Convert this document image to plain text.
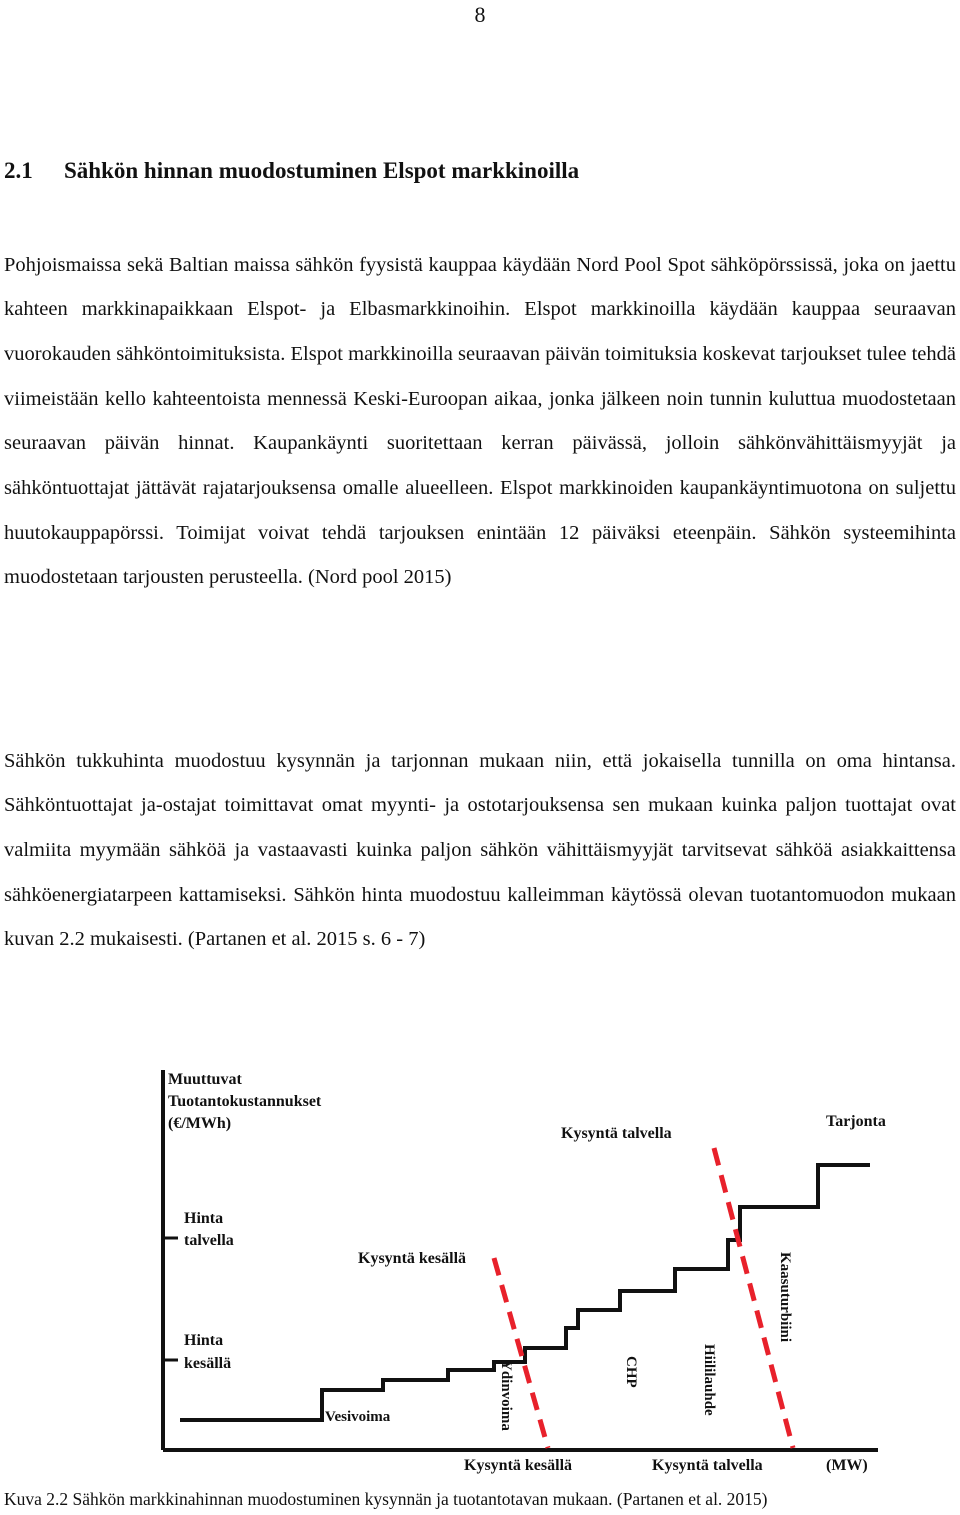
8
2.1 Sähkön hinnan muodostuminen Elspot markkinoilla

Pohjoismaissa sekä Baltian maissa sähkön fyysistä kauppaa käydään Nord Pool Spot sähköpörssissä, joka on jaettu kahteen markkinapaikkaan Elspot- ja Elbasmarkkinoihin. Elspot markkinoilla käydään kauppaa seuraavan vuorokauden sähköntoimituksista. Elspot markkinoilla seuraavan päivän toimituksia koskevat tarjoukset tulee tehdä viimeistään kello kahteentoista mennessä Keski-Euroopan aikaa, jonka jälkeen noin tunnin kuluttua muodostetaan seuraavan päivän hinnat. Kaupankäynti suoritettaan kerran päivässä, jolloin sähkönvähittäismyyjät ja sähköntuottajat jättävät rajatarjouksensa omalle alueelleen. Elspot markkinoiden kaupankäyntimuotona on suljettu huutokauppapörssi. Toimijat voivat tehdä tarjouksen enintään 12 päiväksi eteenpäin. Sähkön systeemihinta muodostetaan tarjousten perusteella. (Nord pool 2015)

Sähkön tukkuhinta muodostuu kysynnän ja tarjonnan mukaan niin, että jokaisella tunnilla on oma hintansa. Sähköntuottajat ja-ostajat toimittavat omat myynti- ja ostotarjouksensa sen mukaan kuinka paljon tuottajat ovat valmiita myymään sähköä ja vastaavasti kuinka paljon sähkön vähittäismyyjät tarvitsevat sähköä asiakkaittensa sähköenergiatarpeen kattamiseksi. Sähkön hinta muodostuu kalleimman käytössä olevan tuotantomuodon mukaan kuvan 2.2 mukaisesti. (Partanen et al. 2015 s. 6 - 7)

Muuttuvat
Tuotantokustannukset
(€/MWh)
Hinta
talvella
Hinta
kesällä
Tarjonta
Kysyntä talvella
Kysyntä kesällä
Vesivoima	Ydinvoima	CHP	Hiililauhde
Kaasuturbiini
Kysyntä kesällä	Kysyntä talvella	(MW)
Kuva 2.2 Sähkön markkinahinnan muodostuminen kysynnän ja tuotantotavan mukaan. (Partanen et al. 2015)
